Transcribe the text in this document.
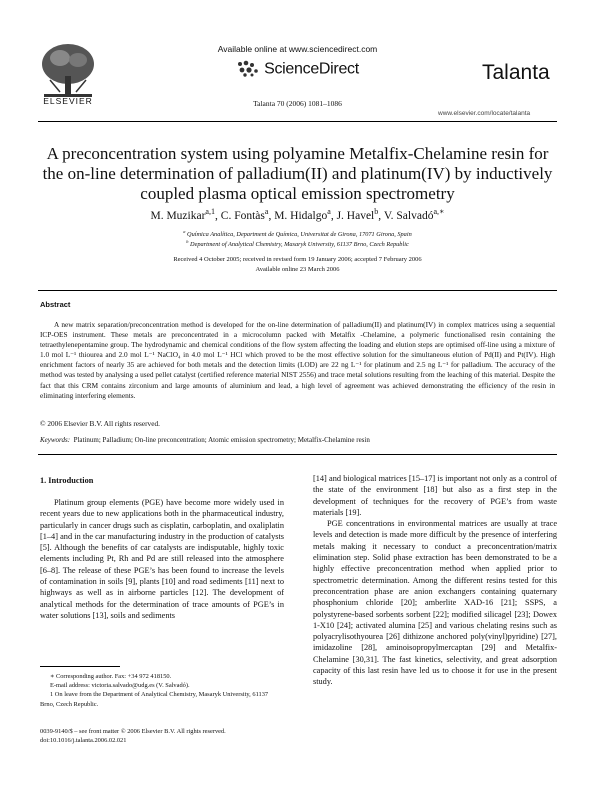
ELSEVIER
Available online at www.sciencedirect.com
ScienceDirect
Talanta 70 (2006) 1081–1086
Talanta
www.elsevier.com/locate/talanta
A preconcentration system using polyamine Metalfix-Chelamine resin for the on-line determination of palladium(II) and platinum(IV) by inductively coupled plasma optical emission spectrometry
M. Muzikar$^{a,1}$, C. Fontàs$^a$, M. Hidalgo$^a$, J. Havel$^b$, V. Salvadó$^{a,∗}$
$^a$ Química Analítica, Department de Química, Universitat de Girona, 17071 Girona, Spain
$^b$ Department of Analytical Chemistry, Masaryk University, 61137 Brno, Czech Republic
Received 4 October 2005; received in revised form 19 January 2006; accepted 7 February 2006
Available online 23 March 2006
Abstract
A new matrix separation/preconcentration method is developed for the on-line determination of palladium(II) and platinum(IV) in complex matrices using a sequential ICP-OES instrument. These metals are preconcentrated in a microcolumn packed with Metalfix -Chelamine, a polymeric functionalised resin containing the tetraethylenepentamine group. The hydrodynamic and chemical conditions of the flow system affecting the loading and elution steps are optimised off-line using a mixture of 1.0 mol L⁻¹ thiourea and 2.0 mol L⁻¹ NaClO₄ in 4.0 mol L⁻¹ HCl which proved to be the most effective solution for the simultaneous elution of Pd(II) and Pt(IV). High enrichment factors of nearly 35 are achieved for both metals and the detection limits (LOD) are 22 ng L⁻¹ for platinum and 2.5 ng L⁻¹ for palladium. The accuracy of the method was tested by analysing a used pellet catalyst (certified reference material NIST 2556) and trace metal solutions resulting from the leaching of this material. Despite the fact that this CRM contains zirconium and large amounts of aluminium and lead, a high level of agreement was achieved demonstrating the efficiency of the resin in eliminating interfering elements.
© 2006 Elsevier B.V. All rights reserved.
Keywords: Platinum; Palladium; On-line preconcentration; Atomic emission spectrometry; Metalfix-Chelamine resin
1. Introduction

Platinum group elements (PGE) have become more widely used in recent years due to new applications both in the pharmaceutical industry, particularly in cancer drugs such as cisplatin, carboplatin, and oxaliplatin [1–4] and in the car manufacturing industry in the production of catalysts [5]. Although the benefits of car catalysts are indisputable, highly toxic elements including Pt, Rh and Pd are still released into the atmosphere [6–8]. The release of these PGE’s has been found to increase the levels of contamination in soils [9], plants [10] and road sediments [11] next to highways as well as in airborne particles [12]. The development of analytical methods for the determination of trace amounts of PGE’s in water solutions [13], soils and sediments

[14] and biological matrices [15–17] is important not only as a control of the state of the environment [18] but also as a first step in the development of techniques for the recovery of PGE’s from waste materials [19].

PGE concentrations in environmental matrices are usually at trace levels and detection is made more difficult by the presence of interfering metals making it necessary to conduct a preconcentration/matrix elimination step. Solid phase extraction has been demonstrated to be a highly effective preconcentration method when applied prior to spectrometric determination. Among the different resins tested for this preconcentration phase are anion exchangers containing quaternary phosphonium chloride [20]; amberlite XAD-16 [21]; SSPS, a polystyrene-based sorbents sorbent [22]; modified silicagel [23]; Dowex 1-X10 [24]; activated alumina [25] and various chelating resins such as polyacrylisothyourea [26] dithizone anchored poly(vinyl)pyridine) [27], imidazoline [28], aminoisopropylmercaptan [29] and Metalfix-Chelamine [30,31]. The fast kinetics, selectivity, and great adsorption capacity of this last resin have led us to choose it for use in the present study.

∗ Corresponding author. Fax: +34 972 418150.
E-mail address: victoria.salvado@udg.es (V. Salvadó).
1 On leave from the Department of Analytical Chemistry, Masaryk University, 61137 Brno, Czech Republic.
0039-9140/$ – see front matter © 2006 Elsevier B.V. All rights reserved.
doi:10.1016/j.talanta.2006.02.021
